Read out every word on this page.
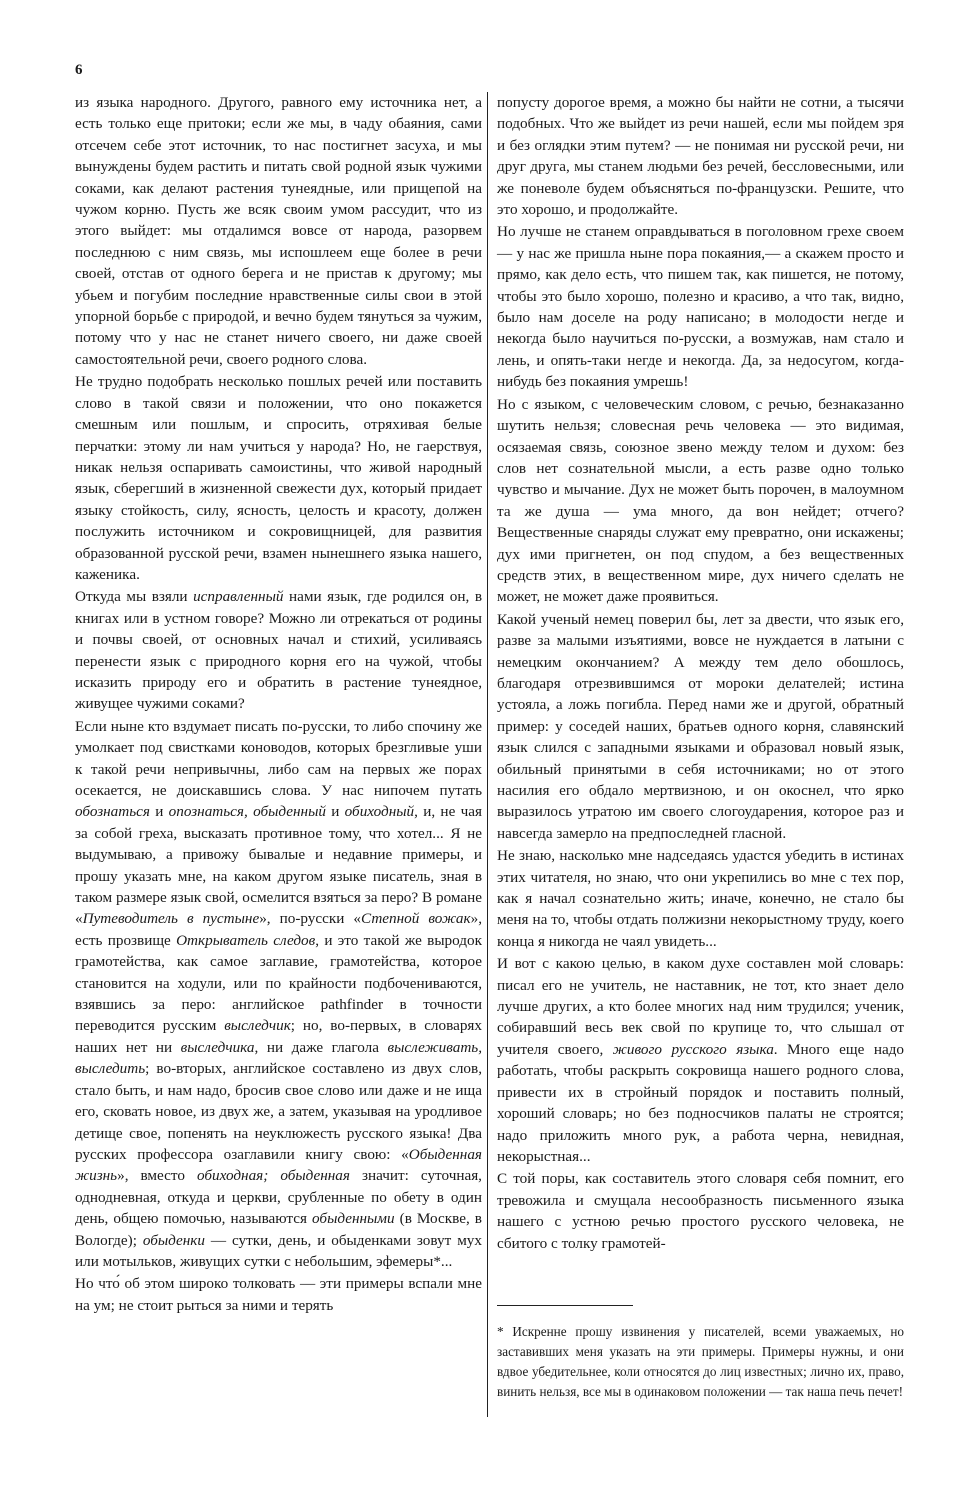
6

из языка народного. Другого, равного ему источника нет, а есть только еще притоки; если же мы, в чаду обаяния, сами отсечем себе этот источник, то нас постигнет засуха, и мы вынуждены будем растить и питать свой родной язык чужими соками, как делают растения тунеядные, или прищепой на чужом корню. Пусть же всяк своим умом рассудит, что из этого выйдет: мы отдалимся вовсе от народа, разорвем последнюю с ним связь, мы испошлеем еще более в речи своей, отстав от одного берега и не пристав к другому; мы убьем и погубим последние нравственные силы свои в этой упорной борьбе с природой, и вечно будем тянуться за чужим, потому что у нас не станет ничего своего, ни даже своей самостоятельной речи, своего родного слова.

Не трудно подобрать несколько пошлых речей или поставить слово в такой связи и положении, что оно покажется смешным или пошлым, и спросить, отряхивая белые перчатки: этому ли нам учиться у народа? Но, не гаерствуя, никак нельзя оспаривать самоистины, что живой народный язык, сберегший в жизненной свежести дух, который придает языку стойкость, силу, ясность, целость и красоту, должен послужить источником и сокровищницей, для развития образованной русской речи, взамен нынешнего языка нашего, каженика.

Откуда мы взяли исправленный нами язык, где родился он, в книгах или в устном говоре? Можно ли отрекаться от родины и почвы своей, от основных начал и стихий, усиливаясь перенести язык с природного корня его на чужой, чтобы исказить природу его и обратить в растение тунеядное, живущее чужими соками?

Если ныне кто вздумает писать по-русски, то либо спочину же умолкает под свистками коноводов, которых брезгливые уши к такой речи непривычны, либо сам на первых же порах осекается, не доискавшись слова. У нас нипочем путать обознаться и опознаться, обыденный и обиходный, и, не чая за собой греха, высказать противное тому, что хотел... Я не выдумываю, а привожу бывалые и недавние примеры, и прошу указать мне, на каком другом языке писатель, зная в таком размере язык свой, осмелится взяться за перо? В романе «Путеводитель в пустыне», по-русски «Степной вожак», есть прозвище Открыватель следов, и это такой же выродок грамотейства, как самое заглавие, грамотейства, которое становится на ходули, или по крайности подбочениваются, взявшись за перо: английское pathfinder в точности переводится русским выследчик; но, во-первых, в словарях наших нет ни выследчика, ни даже глагола выслеживать, выследить; во-вторых, английское составлено из двух слов, стало быть, и нам надо, бросив свое слово или даже и не ища его, сковать новое, из двух же, а затем, указывая на уродливое детище свое, попенять на неуклюжесть русского языка! Два русских профессора озаглавили книгу свою: «Обыденная жизнь», вместо обиходная; обыденная значит: суточная, однодневная, откуда и церкви, срубленные по обету в один день, общею помочью, называются обыденными (в Москве, в Вологде); обыденки — сутки, день, и обыденками зовут мух или мотыльков, живущих сутки с небольшим, эфемеры*...

Но что́ об этом широко толковать — эти примеры вспали мне на ум; не стоит рыться за ними и терять

попусту дорогое время, а можно бы найти не сотни, а тысячи подобных. Что же выйдет из речи нашей, если мы пойдем зря и без оглядки этим путем? — не понимая ни русской речи, ни друг друга, мы станем людьми без речей, бессловесными, или же поневоле будем объясняться по-французски. Решите, что это хорошо, и продолжайте.

Но лучше не станем оправдываться в поголовном грехе своем — у нас же пришла ныне пора покаяния,— а скажем просто и прямо, как дело есть, что пишем так, как пишется, не потому, чтобы это было хорошо, полезно и красиво, а что так, видно, было нам доселе на роду написано; в молодости негде и некогда было научиться по-русски, а возмужав, нам стало и лень, и опять-таки негде и некогда. Да, за недосугом, когда-нибудь без покаяния умрешь!

Но с языком, с человеческим словом, с речью, безнаказанно шутить нельзя; словесная речь человека — это видимая, осязаемая связь, союзное звено между телом и духом: без слов нет сознательной мысли, а есть разве одно только чувство и мычание. Дух не может быть порочен, в малоумном та же душа — ума много, да вон нейдет; отчего? Вещественные снаряды служат ему превратно, они искажены; дух ими пригнетен, он под спудом, а без вещественных средств этих, в вещественном мире, дух ничего сделать не может, не может даже проявиться.

Какой ученый немец поверил бы, лет за двести, что язык его, разве за малыми изъятиями, вовсе не нуждается в латыни с немецким окончанием? А между тем дело обошлось, благодаря отрезвившимся от мороки делателей; истина устояла, а ложь погибла. Перед нами же и другой, обратный пример: у соседей наших, братьев одного корня, славянский язык слился с западными языками и образовал новый язык, обильный принятыми в себя источниками; но от этого насилия его обдало мертвизною, и он окоснел, что ярко выразилось утратою им своего слогоударения, которое раз и навсегда замерло на предпоследней гласной.

Не знаю, насколько мне надседаясь удастся убедить в истинах этих читателя, но знаю, что они укрепились во мне с тех пор, как я начал сознательно жить; иначе, конечно, не стало бы меня на то, чтобы отдать полжизни некорыстному труду, коего конца я никогда не чаял увидеть...

И вот с какою целью, в каком духе составлен мой словарь: писал его не учитель, не наставник, не тот, кто знает дело лучше других, а кто более многих над ним трудился; ученик, собиравший весь век свой по крупице то, что слышал от учителя своего, живого русского языка. Много еще надо работать, чтобы раскрыть сокровища нашего родного слова, привести их в стройный порядок и поставить полный, хороший словарь; но без подносчиков палаты не строятся; надо приложить много рук, а работа черна, невидная, некорыстная...

С той поры, как составитель этого словаря себя помнит, его тревожила и смущала несообразность письменного языка нашего с устною речью простого русского человека, не сбитого с толку грамотей-

* Искренне прошу извинения у писателей, всеми уважаемых, но заставивших меня указать на эти примеры. Примеры нужны, и они вдвое убедительнее, коли относятся до лиц известных; лично их, право, винить нельзя, все мы в одинаковом положении — так наша печь печет!
